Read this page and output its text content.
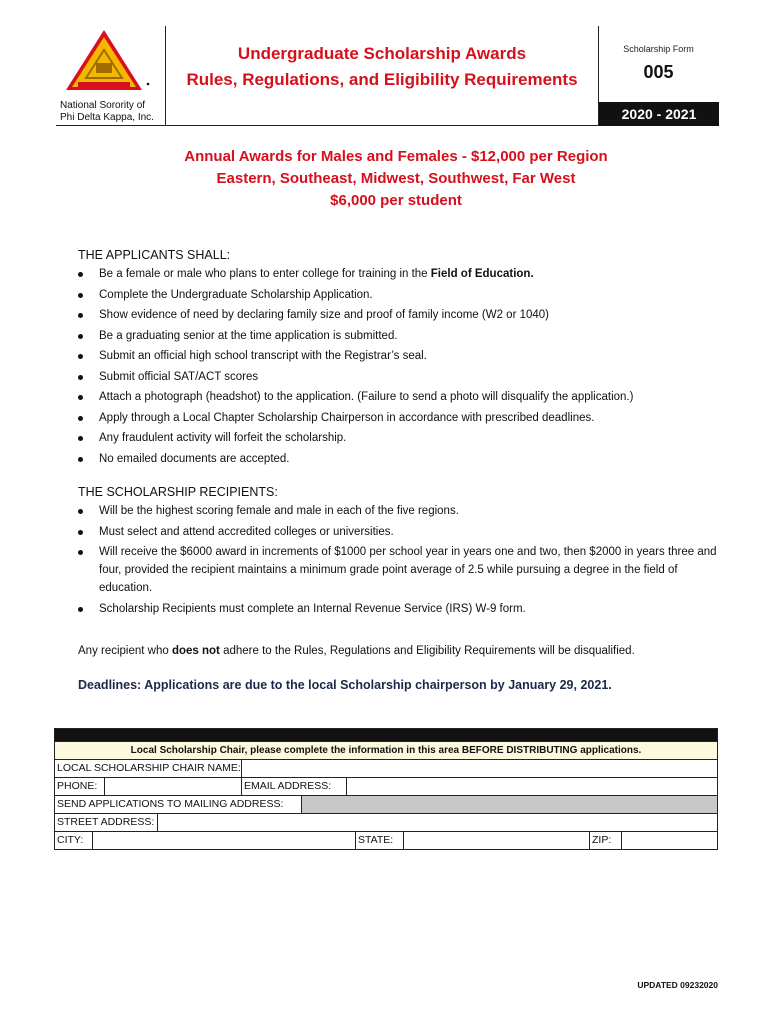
National Sorority of
Phi Delta Kappa, Inc.
Undergraduate Scholarship Awards
Rules, Regulations, and Eligibility Requirements
Scholarship Form
005
2020 - 2021
Annual Awards for Males and Females - $12,000 per Region
Eastern, Southeast, Midwest, Southwest, Far West
$6,000 per student
THE APPLICANTS SHALL:
Be a female or male who plans to enter college for training in the Field of Education.
Complete the Undergraduate Scholarship Application.
Show evidence of need by declaring family size and proof of family income (W2 or 1040)
Be a graduating senior at the time application is submitted.
Submit an official high school transcript with the Registrar’s seal.
Submit official SAT/ACT scores
Attach a photograph (headshot) to the application. (Failure to send a photo will disqualify the application.)
Apply through a Local Chapter Scholarship Chairperson in accordance with prescribed deadlines.
Any fraudulent activity will forfeit the scholarship.
No emailed documents are accepted.
THE SCHOLARSHIP RECIPIENTS:
Will be the highest scoring female and male in each of the five regions.
Must select and attend accredited colleges or universities.
Will receive the $6000 award in increments of $1000 per school year in years one and two, then $2000 in years three and four, provided the recipient maintains a minimum grade point average of 2.5 while pursuing a degree in the field of education.
Scholarship Recipients must complete an Internal Revenue Service (IRS) W-9 form.
Any recipient who does not adhere to the Rules, Regulations and Eligibility Requirements will be disqualified.
Deadlines: Applications are due to the local Scholarship chairperson by January 29, 2021.
Local Scholarship Chair, please complete the information in this area BEFORE DISTRIBUTING applications.
LOCAL SCHOLARSHIP CHAIR NAME:
PHONE:	EMAIL ADDRESS:
SEND APPLICATIONS TO MAILING ADDRESS:
STREET ADDRESS:
CITY:	STATE:	ZIP:
UPDATED 09232020
